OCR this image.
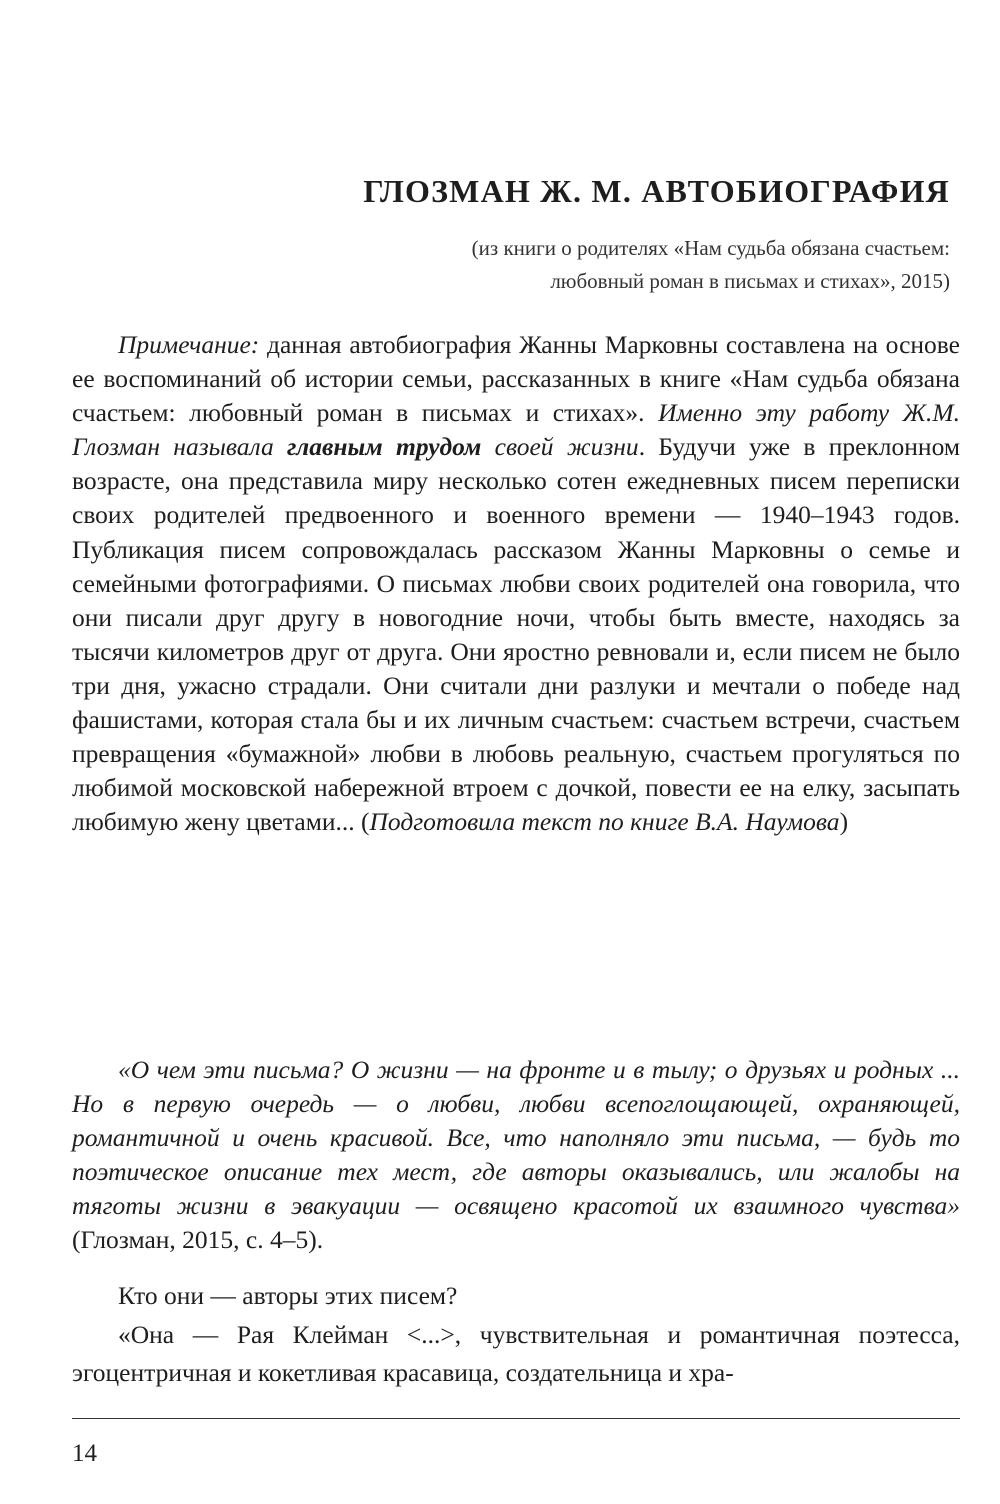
ГЛОЗМАН Ж. М. АВТОБИОГРАФИЯ
(из книги о родителях «Нам судьба обязана счастьем:
любовный роман в письмах и стихах», 2015)

Примечание: данная автобиография Жанны Марковны составлена на основе ее воспоминаний об истории семьи, рассказанных в книге «Нам судьба обязана счастьем: любовный роман в письмах и стихах». Именно эту работу Ж.М. Глозман называла главным трудом своей жизни. Будучи уже в преклонном возрасте, она представила миру несколько сотен ежедневных писем переписки своих родителей предвоенного и военного времени — 1940–1943 годов. Публикация писем сопровождалась рассказом Жанны Марковны о семье и семейными фотографиями. О письмах любви своих родителей она говорила, что они писали друг другу в новогодние ночи, чтобы быть вместе, находясь за тысячи километров друг от друга. Они яростно ревновали и, если писем не было три дня, ужасно страдали. Они считали дни разлуки и мечтали о победе над фашистами, которая стала бы и их личным счастьем: счастьем встречи, счастьем превращения «бумажной» любви в любовь реальную, счастьем прогуляться по любимой московской набережной втроем с дочкой, повести ее на елку, засыпать любимую жену цветами... (Подготовила текст по книге В.А. Наумова)

«О чем эти письма? О жизни — на фронте и в тылу; о друзьях и родных ... Но в первую очередь — о любви, любви всепоглощающей, охраняющей, романтичной и очень красивой. Все, что наполняло эти письма, — будь то поэтическое описание тех мест, где авторы оказывались, или жалобы на тяготы жизни в эвакуации — освящено красотой их взаимного чувства» (Глозман, 2015, с. 4–5).

Кто они — авторы этих писем?

«Она — Рая Клейман <...>, чувствительная и романтичная поэтесса, эгоцентричная и кокетливая красавица, создательница и хра-

14
